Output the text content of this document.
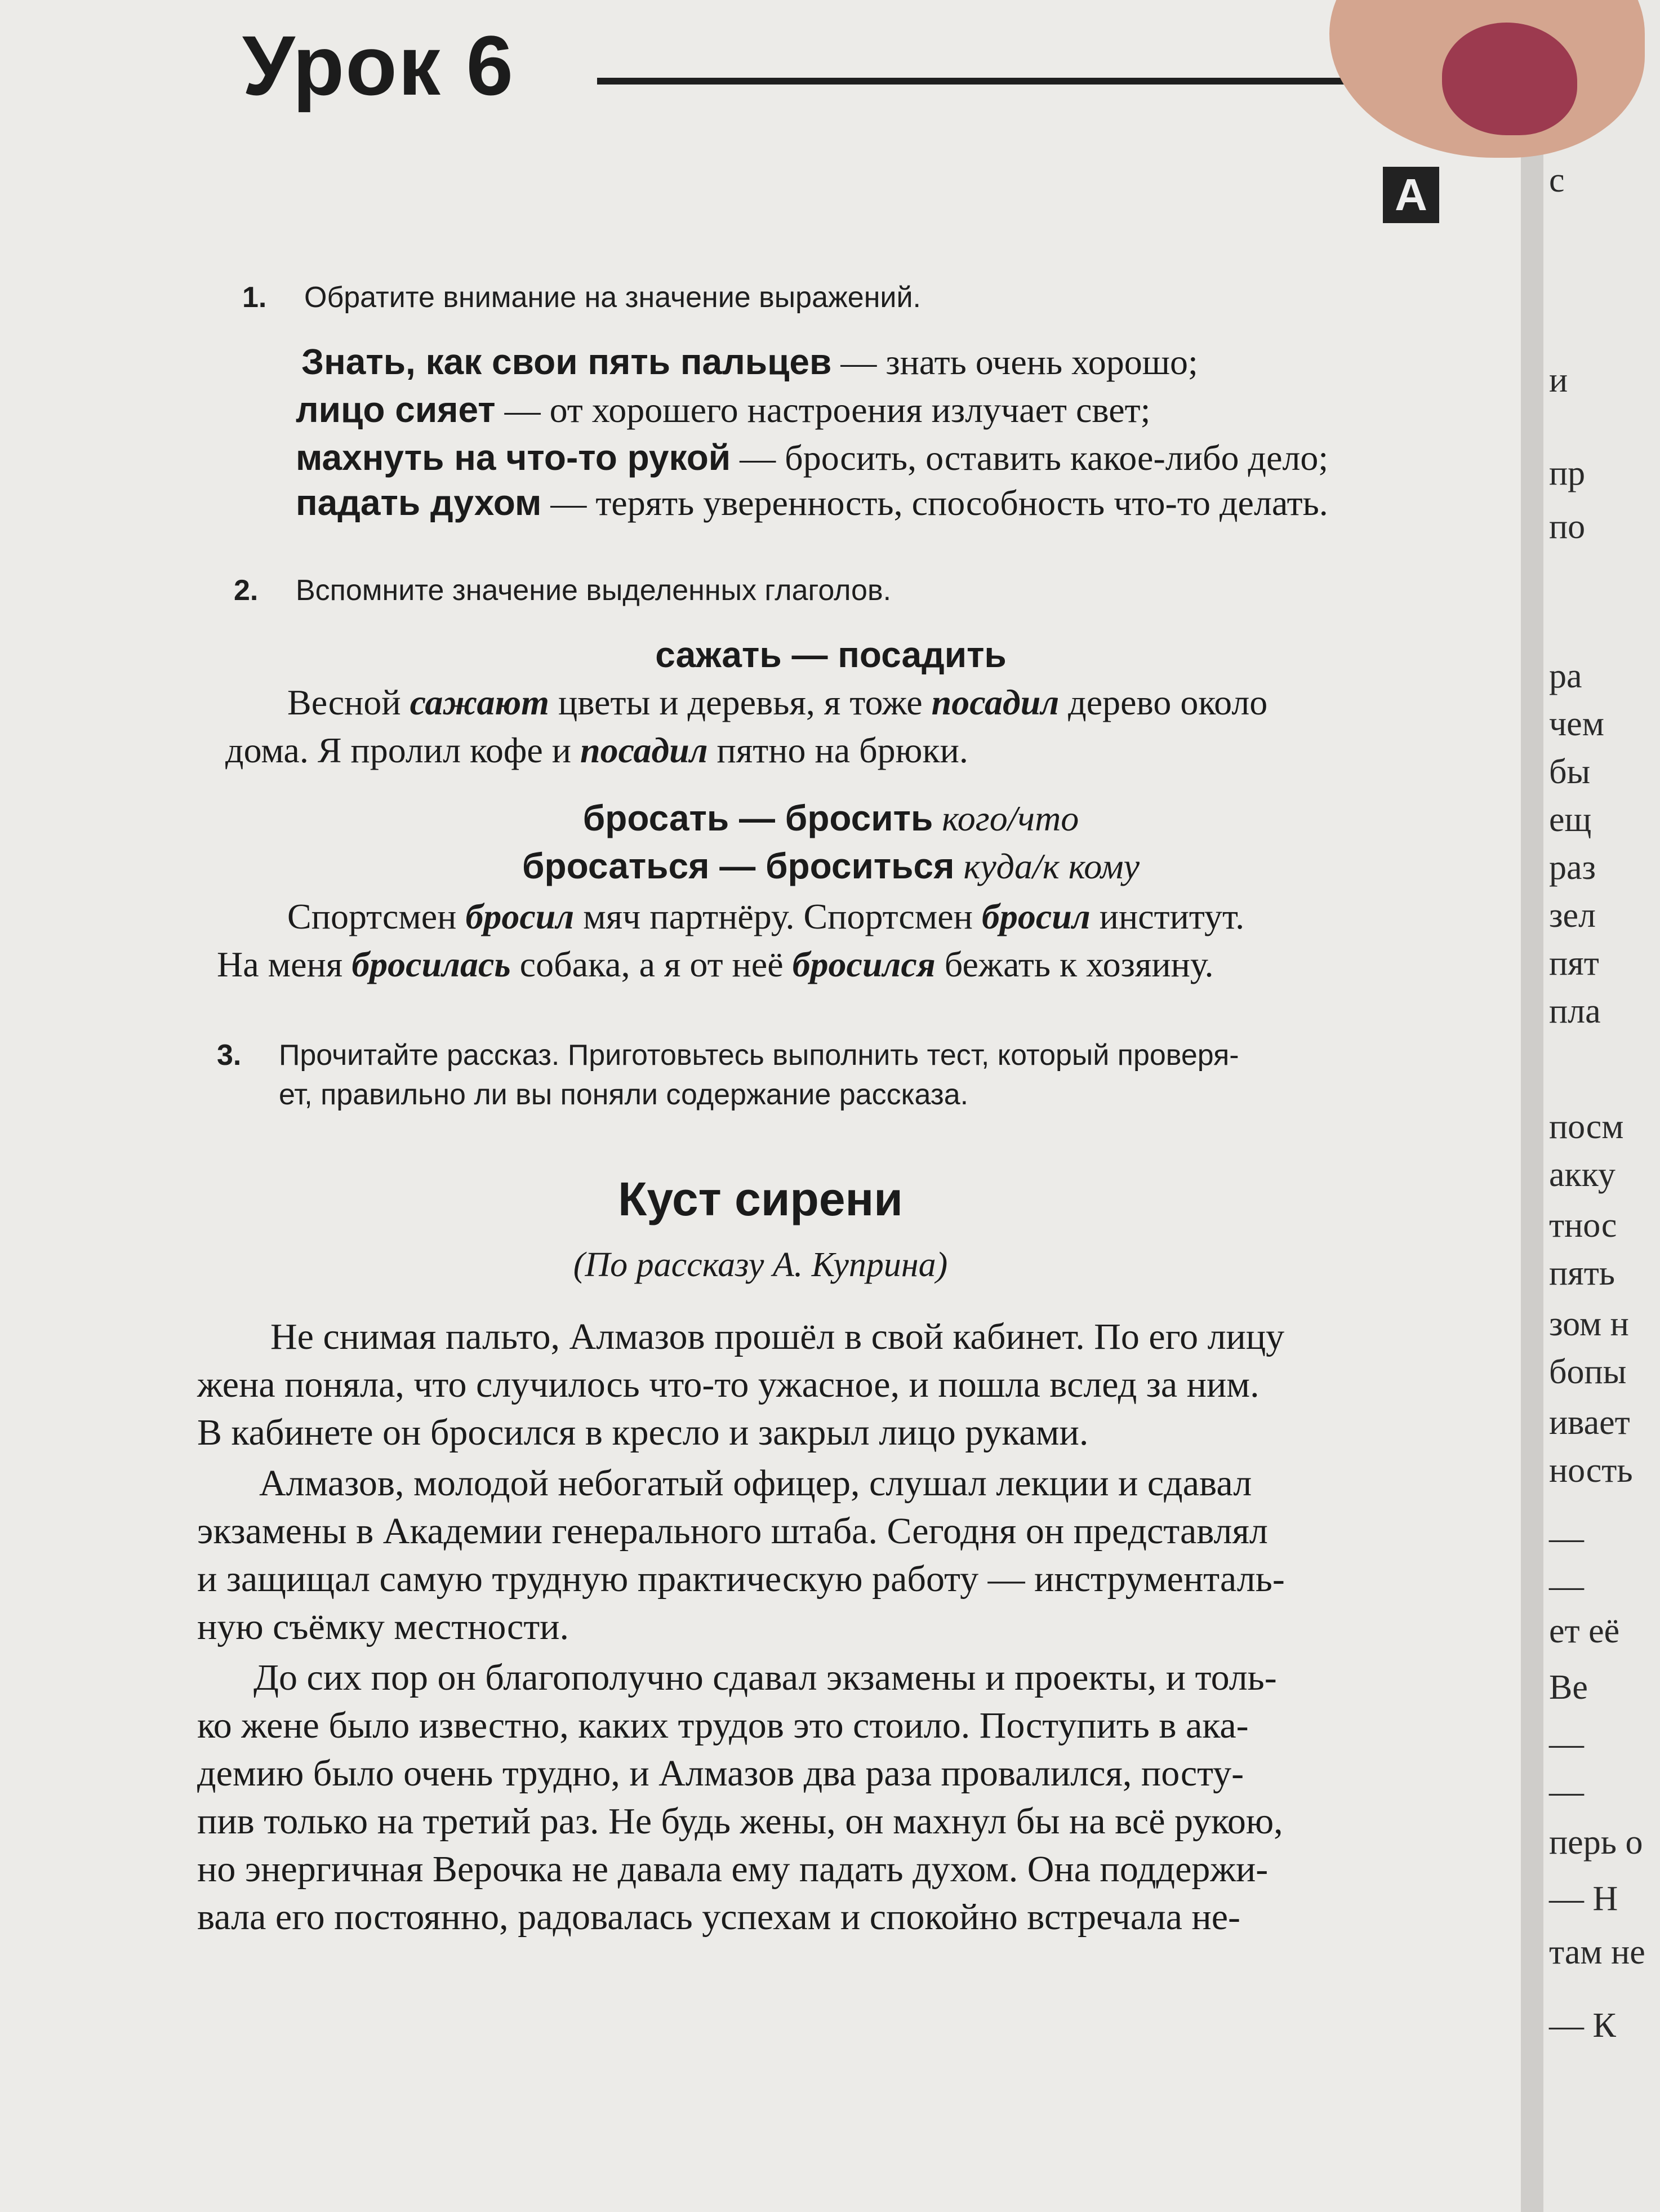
Урок 6
A
1. Обратите внимание на значение выражений.
Знать, как свои пять пальцев — знать очень хорошо;
лицо сияет — от хорошего настроения излучает свет;
махнуть на что-то рукой — бросить, оставить какое-либо дело;
падать духом — терять уверенность, способность что-то делать.
2. Вспомните значение выделенных глаголов.
сажать — посадить
Весной сажают цветы и деревья, я тоже посадил дерево около
дома. Я пролил кофе и посадил пятно на брюки.
бросать — бросить кого/что
бросаться — броситься куда/к кому
Спортсмен бросил мяч партнёру. Спортсмен бросил институт.
На меня бросилась собака, а я от неё бросился бежать к хозяину.
3. Прочитайте рассказ. Приготовьтесь выполнить тест, который проверя-
ет, правильно ли вы поняли содержание рассказа.
Куст сирени
(По рассказу А. Куприна)
Не снимая пальто, Алмазов прошёл в свой кабинет. По его лицу
жена поняла, что случилось что-то ужасное, и пошла вслед за ним.
В кабинете он бросился в кресло и закрыл лицо руками.
Алмазов, молодой небогатый офицер, слушал лекции и сдавал
экзамены в Академии генерального штаба. Сегодня он представлял
и защищал самую трудную практическую работу — инструменталь-
ную съёмку местности.
До сих пор он благополучно сдавал экзамены и проекты, и толь-
ко жене было известно, каких трудов это стоило. Поступить в ака-
демию было очень трудно, и Алмазов два раза провалился, посту-
пив только на третий раз. Не будь жены, он махнул бы на всё рукою,
но энергичная Верочка не давала ему падать духом. Она поддержи-
вала его постоянно, радовалась успехам и спокойно встречала не-
с
и
пр
по
ра
чем
бы
ещ
раз
зел
пят
пла
посм
акку
тнос
пять
зом н
бопы
ивает
ность
—
—
ет её
Ве
—
—
перь о
— Н
там не
— К
